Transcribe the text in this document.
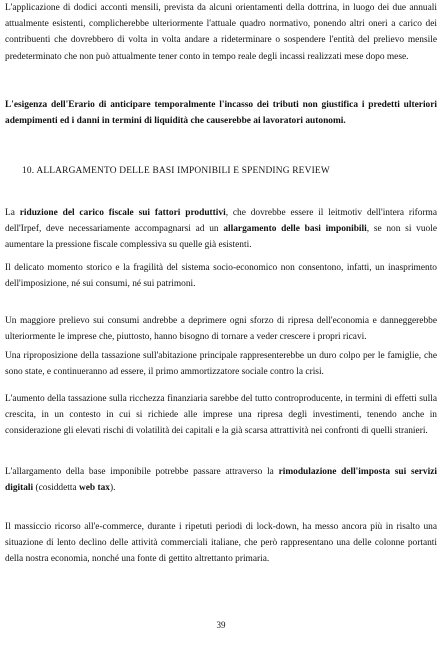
L'applicazione di dodici acconti mensili, prevista da alcuni orientamenti della dottrina, in luogo dei due annuali attualmente esistenti, complicherebbe ulteriormente l'attuale quadro normativo, ponendo altri oneri a carico dei contribuenti che dovrebbero di volta in volta andare a rideterminare o sospendere l'entità del prelievo mensile predeterminato che non può attualmente tener conto in tempo reale degli incassi realizzati mese dopo mese.

L'esigenza dell'Erario di anticipare temporalmente l'incasso dei tributi non giustifica i predetti ulteriori adempimenti ed i danni in termini di liquidità che causerebbe ai lavoratori autonomi.

10. ALLARGAMENTO DELLE BASI IMPONIBILI E SPENDING REVIEW

La riduzione del carico fiscale sui fattori produttivi, che dovrebbe essere il leitmotiv dell'intera riforma dell'Irpef, deve necessariamente accompagnarsi ad un allargamento delle basi imponibili, se non si vuole aumentare la pressione fiscale complessiva su quelle già esistenti.

Il delicato momento storico e la fragilità del sistema socio-economico non consentono, infatti, un inasprimento dell'imposizione, né sui consumi, né sui patrimoni.

Un maggiore prelievo sui consumi andrebbe a deprimere ogni sforzo di ripresa dell'economia e danneggerebbe ulteriormente le imprese che, piuttosto, hanno bisogno di tornare a veder crescere i propri ricavi.

Una riproposizione della tassazione sull'abitazione principale rappresenterebbe un duro colpo per le famiglie, che sono state, e continueranno ad essere, il primo ammortizzatore sociale contro la crisi.

L'aumento della tassazione sulla ricchezza finanziaria sarebbe del tutto controproducente, in termini di effetti sulla crescita, in un contesto in cui si richiede alle imprese una ripresa degli investimenti, tenendo anche in considerazione gli elevati rischi di volatilità dei capitali e la già scarsa attrattività nei confronti di quelli stranieri.

L'allargamento della base imponibile potrebbe passare attraverso la rimodulazione dell'imposta sui servizi digitali (cosiddetta web tax).

Il massiccio ricorso all'e-commerce, durante i ripetuti periodi di lock-down, ha messo ancora più in risalto una situazione di lento declino delle attività commerciali italiane, che però rappresentano una delle colonne portanti della nostra economia, nonché una fonte di gettito altrettanto primaria.

39
